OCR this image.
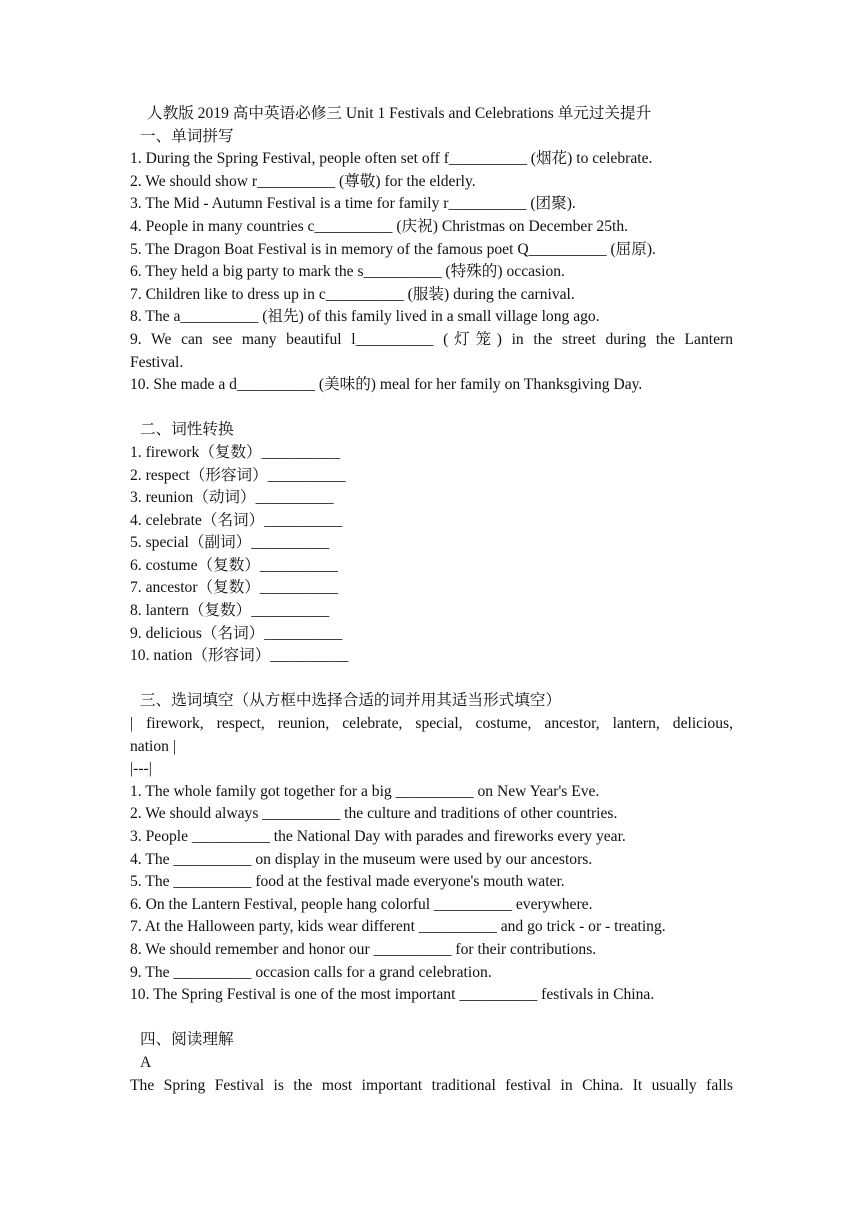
人教版 2019 高中英语必修三 Unit 1 Festivals and Celebrations 单元过关提升
一、单词拼写
1. During the Spring Festival, people often set off f__________ (烟花) to celebrate.
2. We should show r__________ (尊敬) for the elderly.
3. The Mid - Autumn Festival is a time for family r__________ (团聚).
4. People in many countries c__________ (庆祝) Christmas on December 25th.
5. The Dragon Boat Festival is in memory of the famous poet Q__________ (屈原).
6. They held a big party to mark the s__________ (特殊的) occasion.
7. Children like to dress up in c__________ (服装) during the carnival.
8. The a__________ (祖先) of this family lived in a small village long ago.
9. We can see many beautiful l__________ (灯笼) in the street during the Lantern
Festival.
10. She made a d__________ (美味的) meal for her family on Thanksgiving Day.
二、词性转换
1. firework（复数）__________
2. respect（形容词）__________
3. reunion（动词）__________
4. celebrate（名词）__________
5. special（副词）__________
6. costume（复数）__________
7. ancestor（复数）__________
8. lantern（复数）__________
9. delicious（名词）__________
10. nation（形容词）__________
三、选词填空（从方框中选择合适的词并用其适当形式填空）
| firework, respect, reunion, celebrate, special, costume, ancestor, lantern, delicious,
nation |
|---|
1. The whole family got together for a big __________ on New Year's Eve.
2. We should always __________ the culture and traditions of other countries.
3. People __________ the National Day with parades and fireworks every year.
4. The __________ on display in the museum were used by our ancestors.
5. The __________ food at the festival made everyone's mouth water.
6. On the Lantern Festival, people hang colorful __________ everywhere.
7. At the Halloween party, kids wear different __________ and go trick - or - treating.
8. We should remember and honor our __________ for their contributions.
9. The __________ occasion calls for a grand celebration.
10. The Spring Festival is one of the most important __________ festivals in China.
四、阅读理解
A
The Spring Festival is the most important traditional festival in China. It usually falls
